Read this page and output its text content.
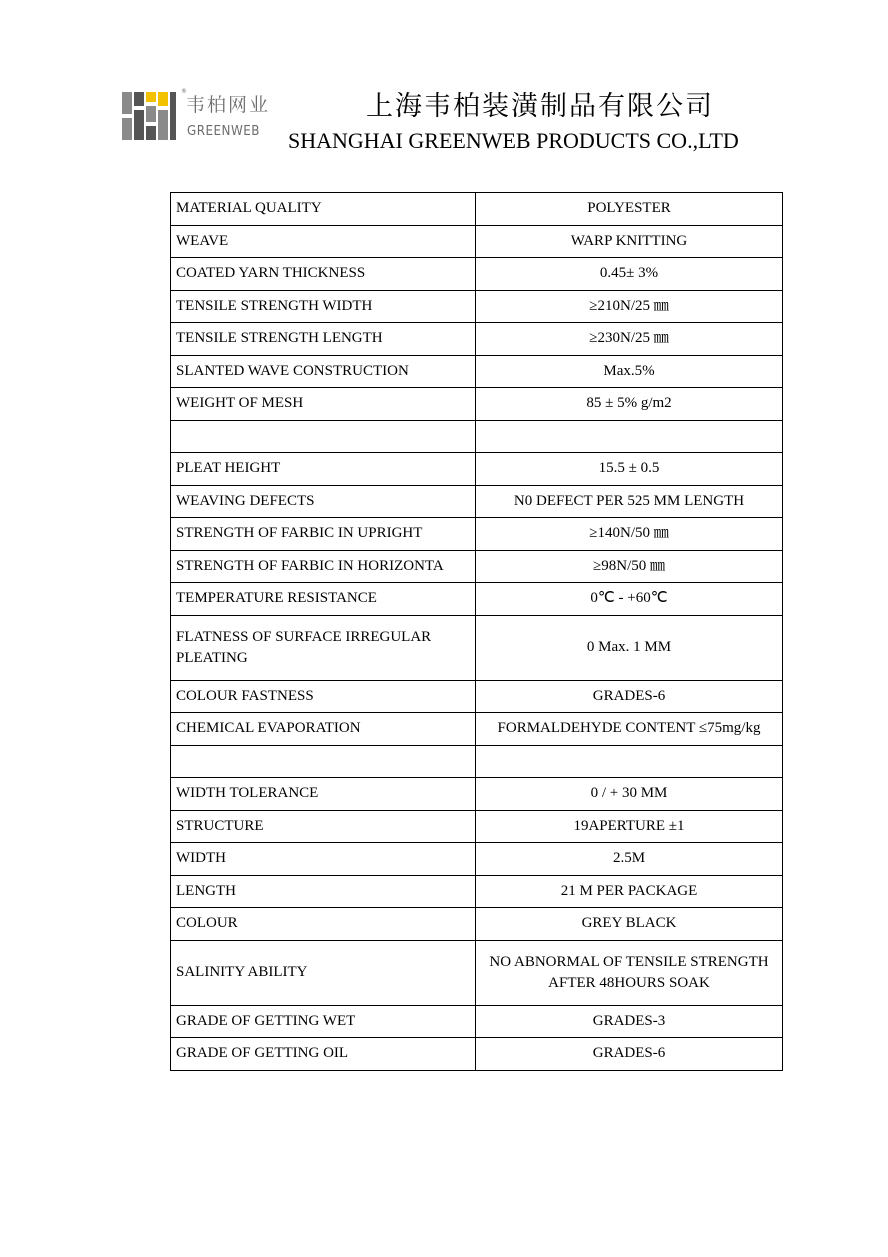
®
韦柏网业
GREENWEB
上海韦柏装潢制品有限公司
SHANGHAI GREENWEB PRODUCTS CO.,LTD
MATERIAL QUALITY	POLYESTER
WEAVE	WARP KNITTING
COATED YARN THICKNESS	0.45± 3%
TENSILE STRENGTH WIDTH	≥210N/25 ㎜
TENSILE STRENGTH LENGTH	≥230N/25 ㎜
SLANTED WAVE CONSTRUCTION	Max.5%
WEIGHT OF MESH	85 ± 5% g/m2

PLEAT HEIGHT	15.5 ± 0.5
WEAVING DEFECTS	N0 DEFECT PER 525 MM LENGTH
STRENGTH OF FARBIC IN UPRIGHT	≥140N/50 ㎜
STRENGTH OF FARBIC IN HORIZONTA	≥98N/50 ㎜
TEMPERATURE RESISTANCE	0℃ - +60℃
FLATNESS OF SURFACE IRREGULAR PLEATING	0 Max. 1 MM
COLOUR FASTNESS	GRADES-6
CHEMICAL EVAPORATION	FORMALDEHYDE CONTENT ≤75mg/kg

WIDTH TOLERANCE	0 / + 30 MM
STRUCTURE	19APERTURE ±1
WIDTH	2.5M
LENGTH	21 M PER PACKAGE
COLOUR	GREY BLACK
SALINITY ABILITY	NO ABNORMAL OF TENSILE STRENGTH AFTER 48HOURS SOAK
GRADE OF GETTING WET	GRADES-3
GRADE OF GETTING OIL	GRADES-6
